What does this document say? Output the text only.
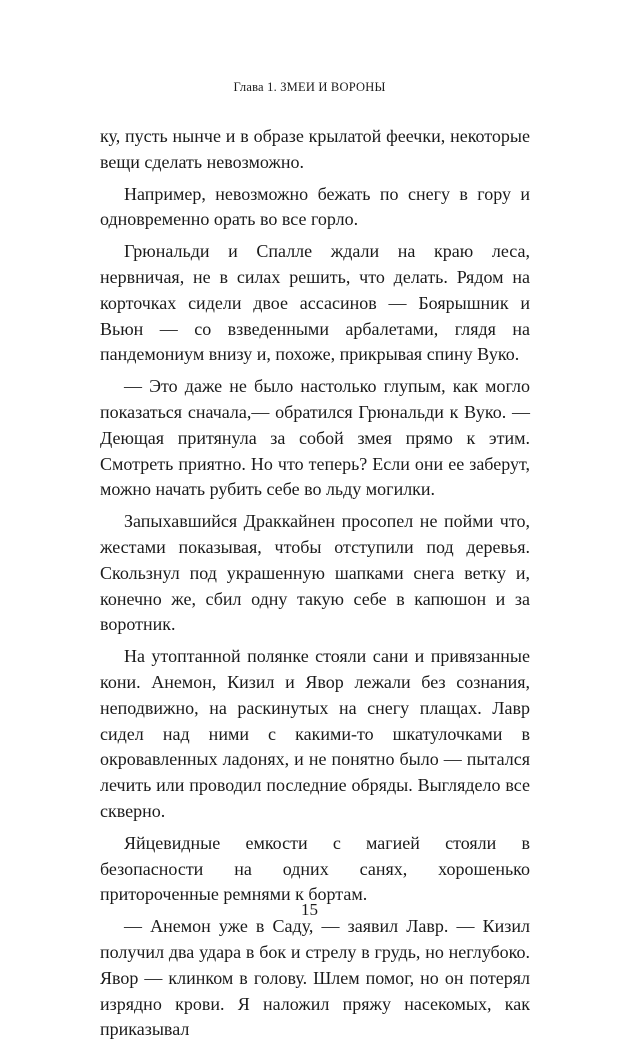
Глава 1. ЗМЕИ И ВОРОНЫ

ку, пусть нынче и в образе крылатой феечки, некоторые вещи сделать невозможно.

Например, невозможно бежать по снегу в гору и одновременно орать во все горло.

Грюнальди и Спалле ждали на краю леса, нервничая, не в силах решить, что делать. Рядом на корточках сидели двое ассасинов — Боярышник и Вьюн — со взведенными арбалетами, глядя на пандемониум внизу и, похоже, прикрывая спину Вуко.

— Это даже не было настолько глупым, как могло показаться сначала,— обратился Грюнальди к Вуко. — Деющая притянула за собой змея прямо к этим. Смотреть приятно. Но что теперь? Если они ее заберут, можно начать рубить себе во льду могилки.

Запыхавшийся Драккайнен просопел не пойми что, жестами показывая, чтобы отступили под деревья. Скользнул под украшенную шапками снега ветку и, конечно же, сбил одну такую себе в капюшон и за воротник.

На утоптанной полянке стояли сани и привязанные кони. Анемон, Кизил и Явор лежали без сознания, неподвижно, на раскинутых на снегу плащах. Лавр сидел над ними с какими-то шкатулочками в окровавленных ладонях, и не понятно было — пытался лечить или проводил последние обряды. Выглядело все скверно.

Яйцевидные емкости с магией стояли в безопасности на одних санях, хорошенько притороченные ремнями к бортам.

— Анемон уже в Саду, — заявил Лавр. — Кизил получил два удара в бок и стрелу в грудь, но неглубоко. Явор — клинком в голову. Шлем помог, но он потерял изрядно крови. Я наложил пряжу насекомых, как приказывал

15
